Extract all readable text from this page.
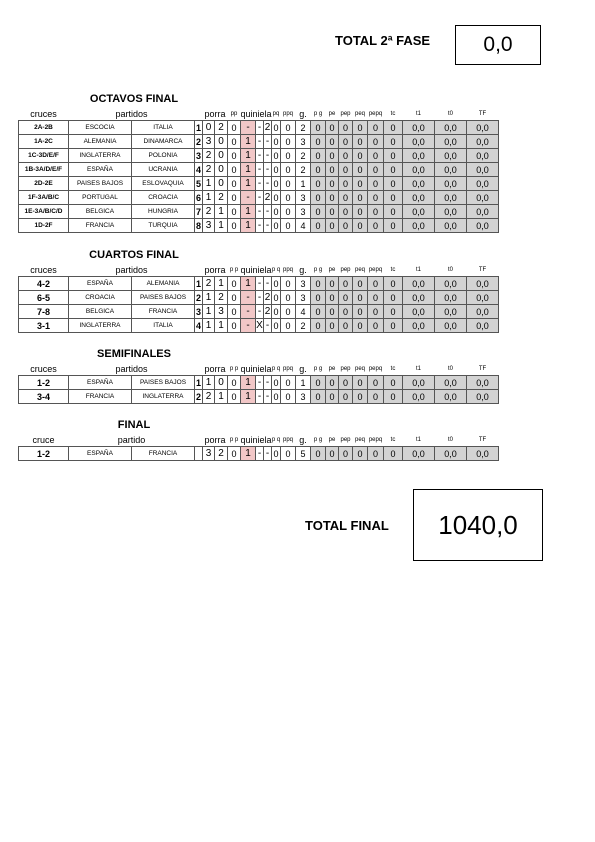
TOTAL 2ª FASE	0,0
OCTAVOS FINAL
cruces	partidos			porra		pp	quiniela			pq	ppq	g.	p g	pe	pep	peq	pepq	tc	t1	t0	TF
2A-2B	ESCOCIA	ITALIA	1	0	2	0	-	-	2	0	0	2	0	0	0	0	0	0	0,0	0,0	0,0
1A-2C	ALEMANIA	DINAMARCA	2	3	0	0	1	-	-	0	0	3	0	0	0	0	0	0	0,0	0,0	0,0
1C-3D/E/F	INGLATERRA	POLONIA	3	2	0	0	1	-	-	0	0	2	0	0	0	0	0	0	0,0	0,0	0,0
1B-3A/D/E/F	ESPAÑA	UCRANIA	4	2	0	0	1	-	-	0	0	2	0	0	0	0	0	0	0,0	0,0	0,0
2D-2E	PAISES BAJOS	ESLOVAQUIA	5	1	0	0	1	-	-	0	0	1	0	0	0	0	0	0	0,0	0,0	0,0
1F-3A/B/C	PORTUGAL	CROACIA	6	1	2	0	-	-	2	0	0	3	0	0	0	0	0	0	0,0	0,0	0,0
1E-3A/B/C/D	BELGICA	HUNGRIA	7	2	1	0	1	-	-	0	0	3	0	0	0	0	0	0	0,0	0,0	0,0
1D-2F	FRANCIA	TURQUIA	8	3	1	0	1	-	-	0	0	4	0	0	0	0	0	0	0,0	0,0	0,0
CUARTOS FINAL
cruces	partidos			porra		p p	quiniela			p q	ppq	g.	p g	pe	pep	peq	pepq	tc	t1	t0	TF
4-2	ESPAÑA	ALEMANIA	1	2	1	0	1	-	-	0	0	3	0	0	0	0	0	0	0,0	0,0	0,0
6-5	CROACIA	PAISES BAJOS	2	1	2	0	-	-	2	0	0	3	0	0	0	0	0	0	0,0	0,0	0,0
7-8	BELGICA	FRANCIA	3	1	3	0	-	-	2	0	0	4	0	0	0	0	0	0	0,0	0,0	0,0
3-1	INGLATERRA	ITALIA	4	1	1	0	-	X	-	0	0	2	0	0	0	0	0	0	0,0	0,0	0,0
SEMIFINALES
cruces	partidos			porra		p p	quiniela			p q	ppq	g.	p g	pe	pep	peq	pepq	tc	t1	t0	TF
1-2	ESPAÑA	PAISES BAJOS	1	1	0	0	1	-	-	0	0	1	0	0	0	0	0	0	0,0	0,0	0,0
3-4	FRANCIA	INGLATERRA	2	2	1	0	1	-	-	0	0	3	0	0	0	0	0	0	0,0	0,0	0,0
FINAL
cruce	partido			porra		p p	quiniela			p q	ppq	g.	p g	pe	pep	peq	pepq	tc	t1	t0	TF
1-2	ESPAÑA	FRANCIA		3	2	0	1	-	-	0	0	5	0	0	0	0	0	0	0,0	0,0	0,0
TOTAL FINAL 1040,0
